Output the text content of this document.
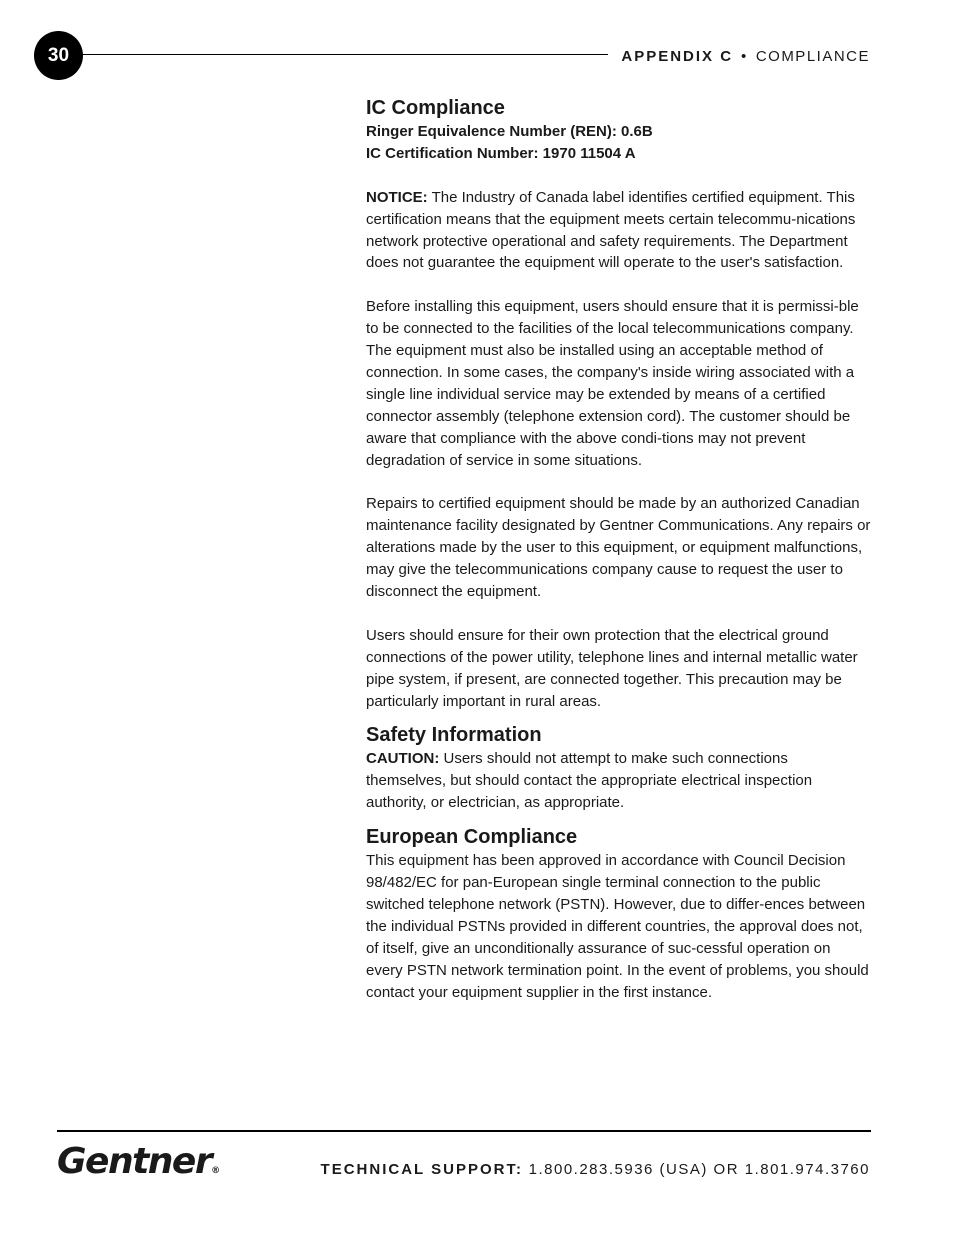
30	APPENDIX C • COMPLIANCE
IC Compliance

Ringer Equivalence Number (REN): 0.6B

IC Certification Number: 1970 11504 A

NOTICE: The Industry of Canada label identifies certified equipment. This certification means that the equipment meets certain telecommu-nications network protective operational and safety requirements. The Department does not guarantee the equipment will operate to the user's satisfaction.

Before installing this equipment, users should ensure that it is permissi-ble to be connected to the facilities of the local telecommunications company. The equipment must also be installed using an acceptable method of connection. In some cases, the company's inside wiring associated with a single line individual service may be extended by means of a certified connector assembly (telephone extension cord). The customer should be aware that compliance with the above condi-tions may not prevent degradation of service in some situations.

Repairs to certified equipment should be made by an authorized Canadian maintenance facility designated by Gentner Communications. Any repairs or alterations made by the user to this equipment, or equipment malfunctions, may give the telecommunications company cause to request the user to disconnect the equipment.

Users should ensure for their own protection that the electrical ground connections of the power utility, telephone lines and internal metallic water pipe system, if present, are connected together. This precaution may be particularly important in rural areas.

Safety Information

CAUTION: Users should not attempt to make such connections themselves, but should contact the appropriate electrical inspection authority, or electrician, as appropriate.

European Compliance

This equipment has been approved in accordance with Council Decision 98/482/EC for pan-European single terminal connection to the public switched telephone network (PSTN). However, due to differ-ences between the individual PSTNs provided in different countries, the approval does not, of itself, give an unconditionally assurance of suc-cessful operation on every PSTN network termination point. In the event of problems, you should contact your equipment supplier in the first instance.

Gentner®	TECHNICAL SUPPORT: 1.800.283.5936 (USA) OR 1.801.974.3760
